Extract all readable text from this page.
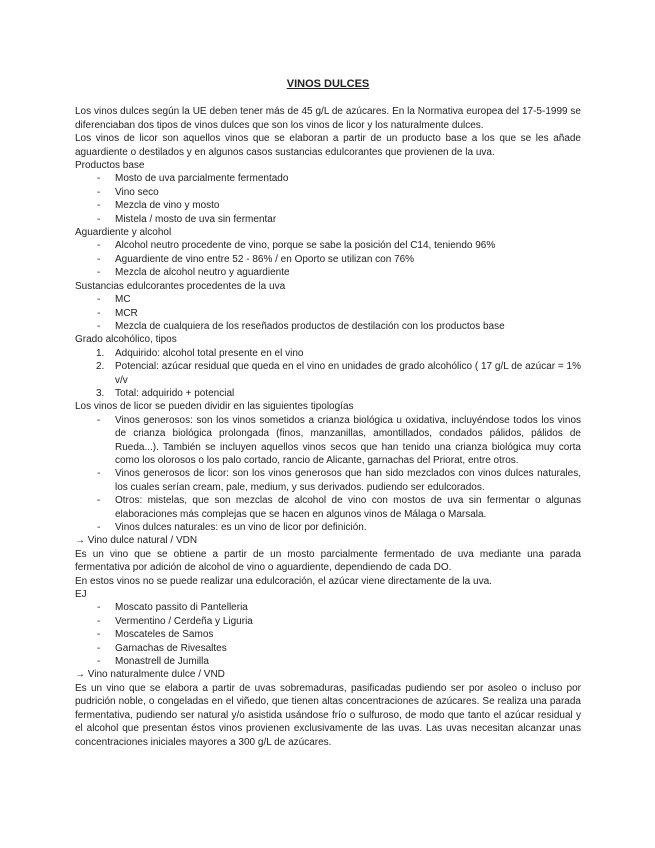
VINOS DULCES

Los vinos dulces según la UE deben tener más de 45 g/L de azúcares. En la Normativa europea del 17-5-1999 se diferenciaban dos tipos de vinos dulces que son los vinos de licor y los naturalmente dulces.

Los vinos de licor son aquellos vinos que se elaboran a partir de un producto base a los que se les añade aguardiente o destilados y en algunos casos sustancias edulcorantes que provienen de la uva.

Productos base

- Mosto de uva parcialmente fermentado
- Vino seco
- Mezcla de vino y mosto
- Mistela / mosto de uva sin fermentar

Aguardiente y alcohol

- Alcohol neutro procedente de vino, porque se sabe la posición del C14, teniendo 96%
- Aguardiente de vino entre 52 - 86% / en Oporto se utilizan con 76%
- Mezcla de alcohol neutro y aguardiente

Sustancias edulcorantes procedentes de la uva

- MC
- MCR
- Mezcla de cualquiera de los reseñados productos de destilación con los productos base

Grado alcohólico, tipos

1. Adquirido: alcohol total presente en el vino
2. Potencial: azúcar residual que queda en el vino en unidades de grado alcohólico ( 17 g/L de azúcar = 1% v/v
3. Total: adquirido + potencial

Los vinos de licor se pueden dividir en las siguientes tipologías

- Vinos generosos: son los vinos sometidos a crianza biológica u oxidativa, incluyéndose todos los vinos de crianza biológica prolongada (finos, manzanillas, amontillados, condados pálidos, pálidos de Rueda...). También se incluyen aquellos vinos secos que han tenido una crianza biológica muy corta como los olorosos o los palo cortado, rancio de Alicante, garnachas del Priorat, entre otros.
- Vinos generosos de licor: son los vinos generosos que han sido mezclados con vinos dulces naturales, los cuales serían cream, pale, medium, y sus derivados. pudiendo ser edulcorados.
- Otros: mistelas, que son mezclas de alcohol de vino con mostos de uva sin fermentar o algunas elaboraciones más complejas que se hacen en algunos vinos de Málaga o Marsala.
- Vinos dulces naturales: es un vino de licor por definición.

→ Vino dulce natural / VDN

Es un vino que se obtiene a partir de un mosto parcialmente fermentado de uva mediante una parada fermentativa por adición de alcohol de vino o aguardiente, dependiendo de cada DO.

En estos vinos no se puede realizar una edulcoración, el azúcar viene directamente de la uva.

EJ

- Moscato passito di Pantelleria
- Vermentino / Cerdeña y Liguria
- Moscateles de Samos
- Garnachas de Rivesaltes
- Monastrell de Jumilla

→ Vino naturalmente dulce / VND

Es un vino que se elabora a partir de uvas sobremaduras, pasificadas pudiendo ser por asoleo o incluso por pudrición noble, o congeladas en el viñedo, que tienen altas concentraciones de azúcares. Se realiza una parada fermentativa, pudiendo ser natural y/o asistida usándose frío o sulfuroso, de modo que tanto el azúcar residual y el alcohol que presentan éstos vinos provienen exclusivamente de las uvas. Las uvas necesitan alcanzar unas concentraciones iniciales mayores a 300 g/L de azúcares.
